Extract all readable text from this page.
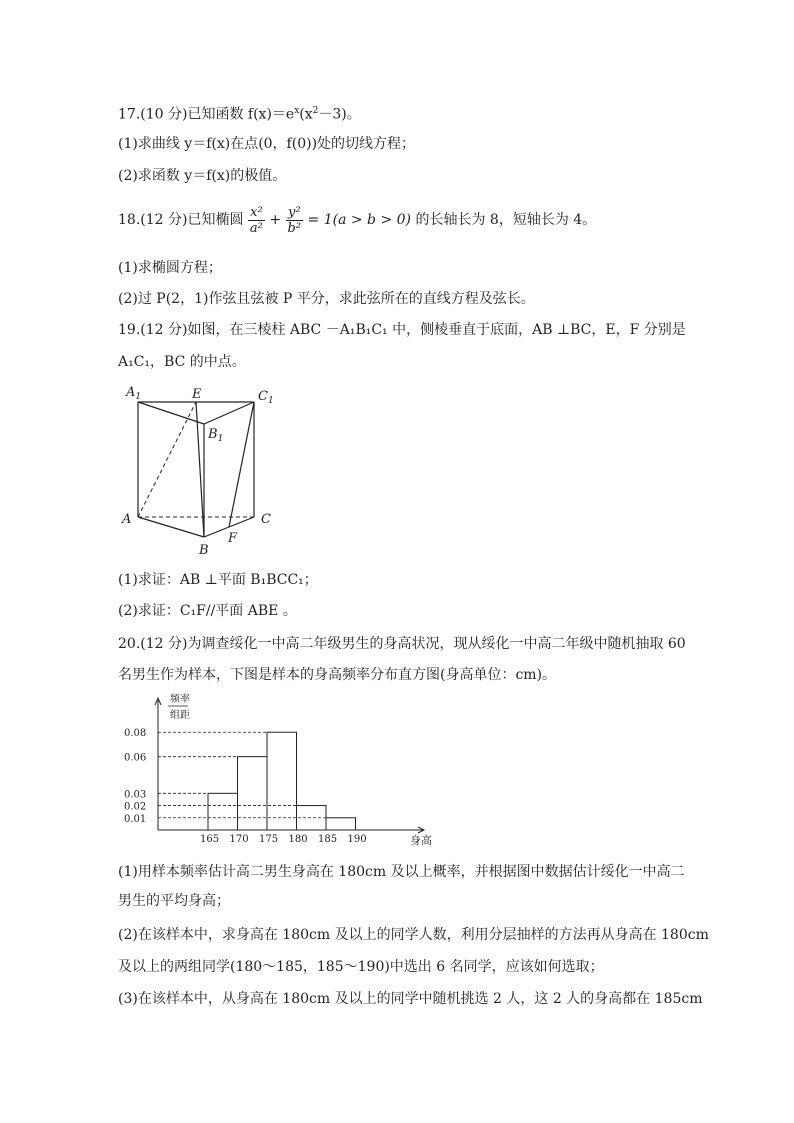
17.(10 分)已知函数 $f(x)=e^x(x^2-3)$。
(1)求曲线 y＝f(x)在点(0，f(0))处的切线方程；
(2)求函数 y＝f(x)的极值。
18.(12 分)已知椭圆 $\frac{\text{x²}}{\text{a²}} + \frac{\text{y²}}{\text{b²}} = 1(a > b > 0)$ 的长轴长为 8，短轴长为 4。
(1)求椭圆方程；
(2)过 P(2，1)作弦且弦被 P 平分，求此弦所在的直线方程及弦长。
19.(12 分)如图，在三棱柱 ABC －A₁B₁C₁ 中，侧棱垂直于底面，AB ⊥BC，E，F 分别是
A₁C₁，BC 的中点。
$A_1$	E	$C_1$
$B_1$
A	C
B
F
(1)求证：AB ⊥平面 B₁BCC₁；
(2)求证：C₁F//平面 ABE 。
20.(12 分)为调查绥化一中高二年级男生的身高状况，现从绥化一中高二年级中随机抽取 60
名男生作为样本，下图是样本的身高频率分布直方图(身高单位：cm)。
频率
组距
身高
0.08
0.06
0.03
0.02
0.01
165 170 175 180 185 190
(1)用样本频率估计高二男生身高在 180cm 及以上概率，并根据图中数据估计绥化一中高二
男生的平均身高；
(2)在该样本中，求身高在 180cm 及以上的同学人数，利用分层抽样的方法再从身高在 180cm
及以上的两组同学(180～185，185～190)中选出 6 名同学，应该如何选取；
(3)在该样本中，从身高在 180cm 及以上的同学中随机挑选 2 人，这 2 人的身高都在 185cm
